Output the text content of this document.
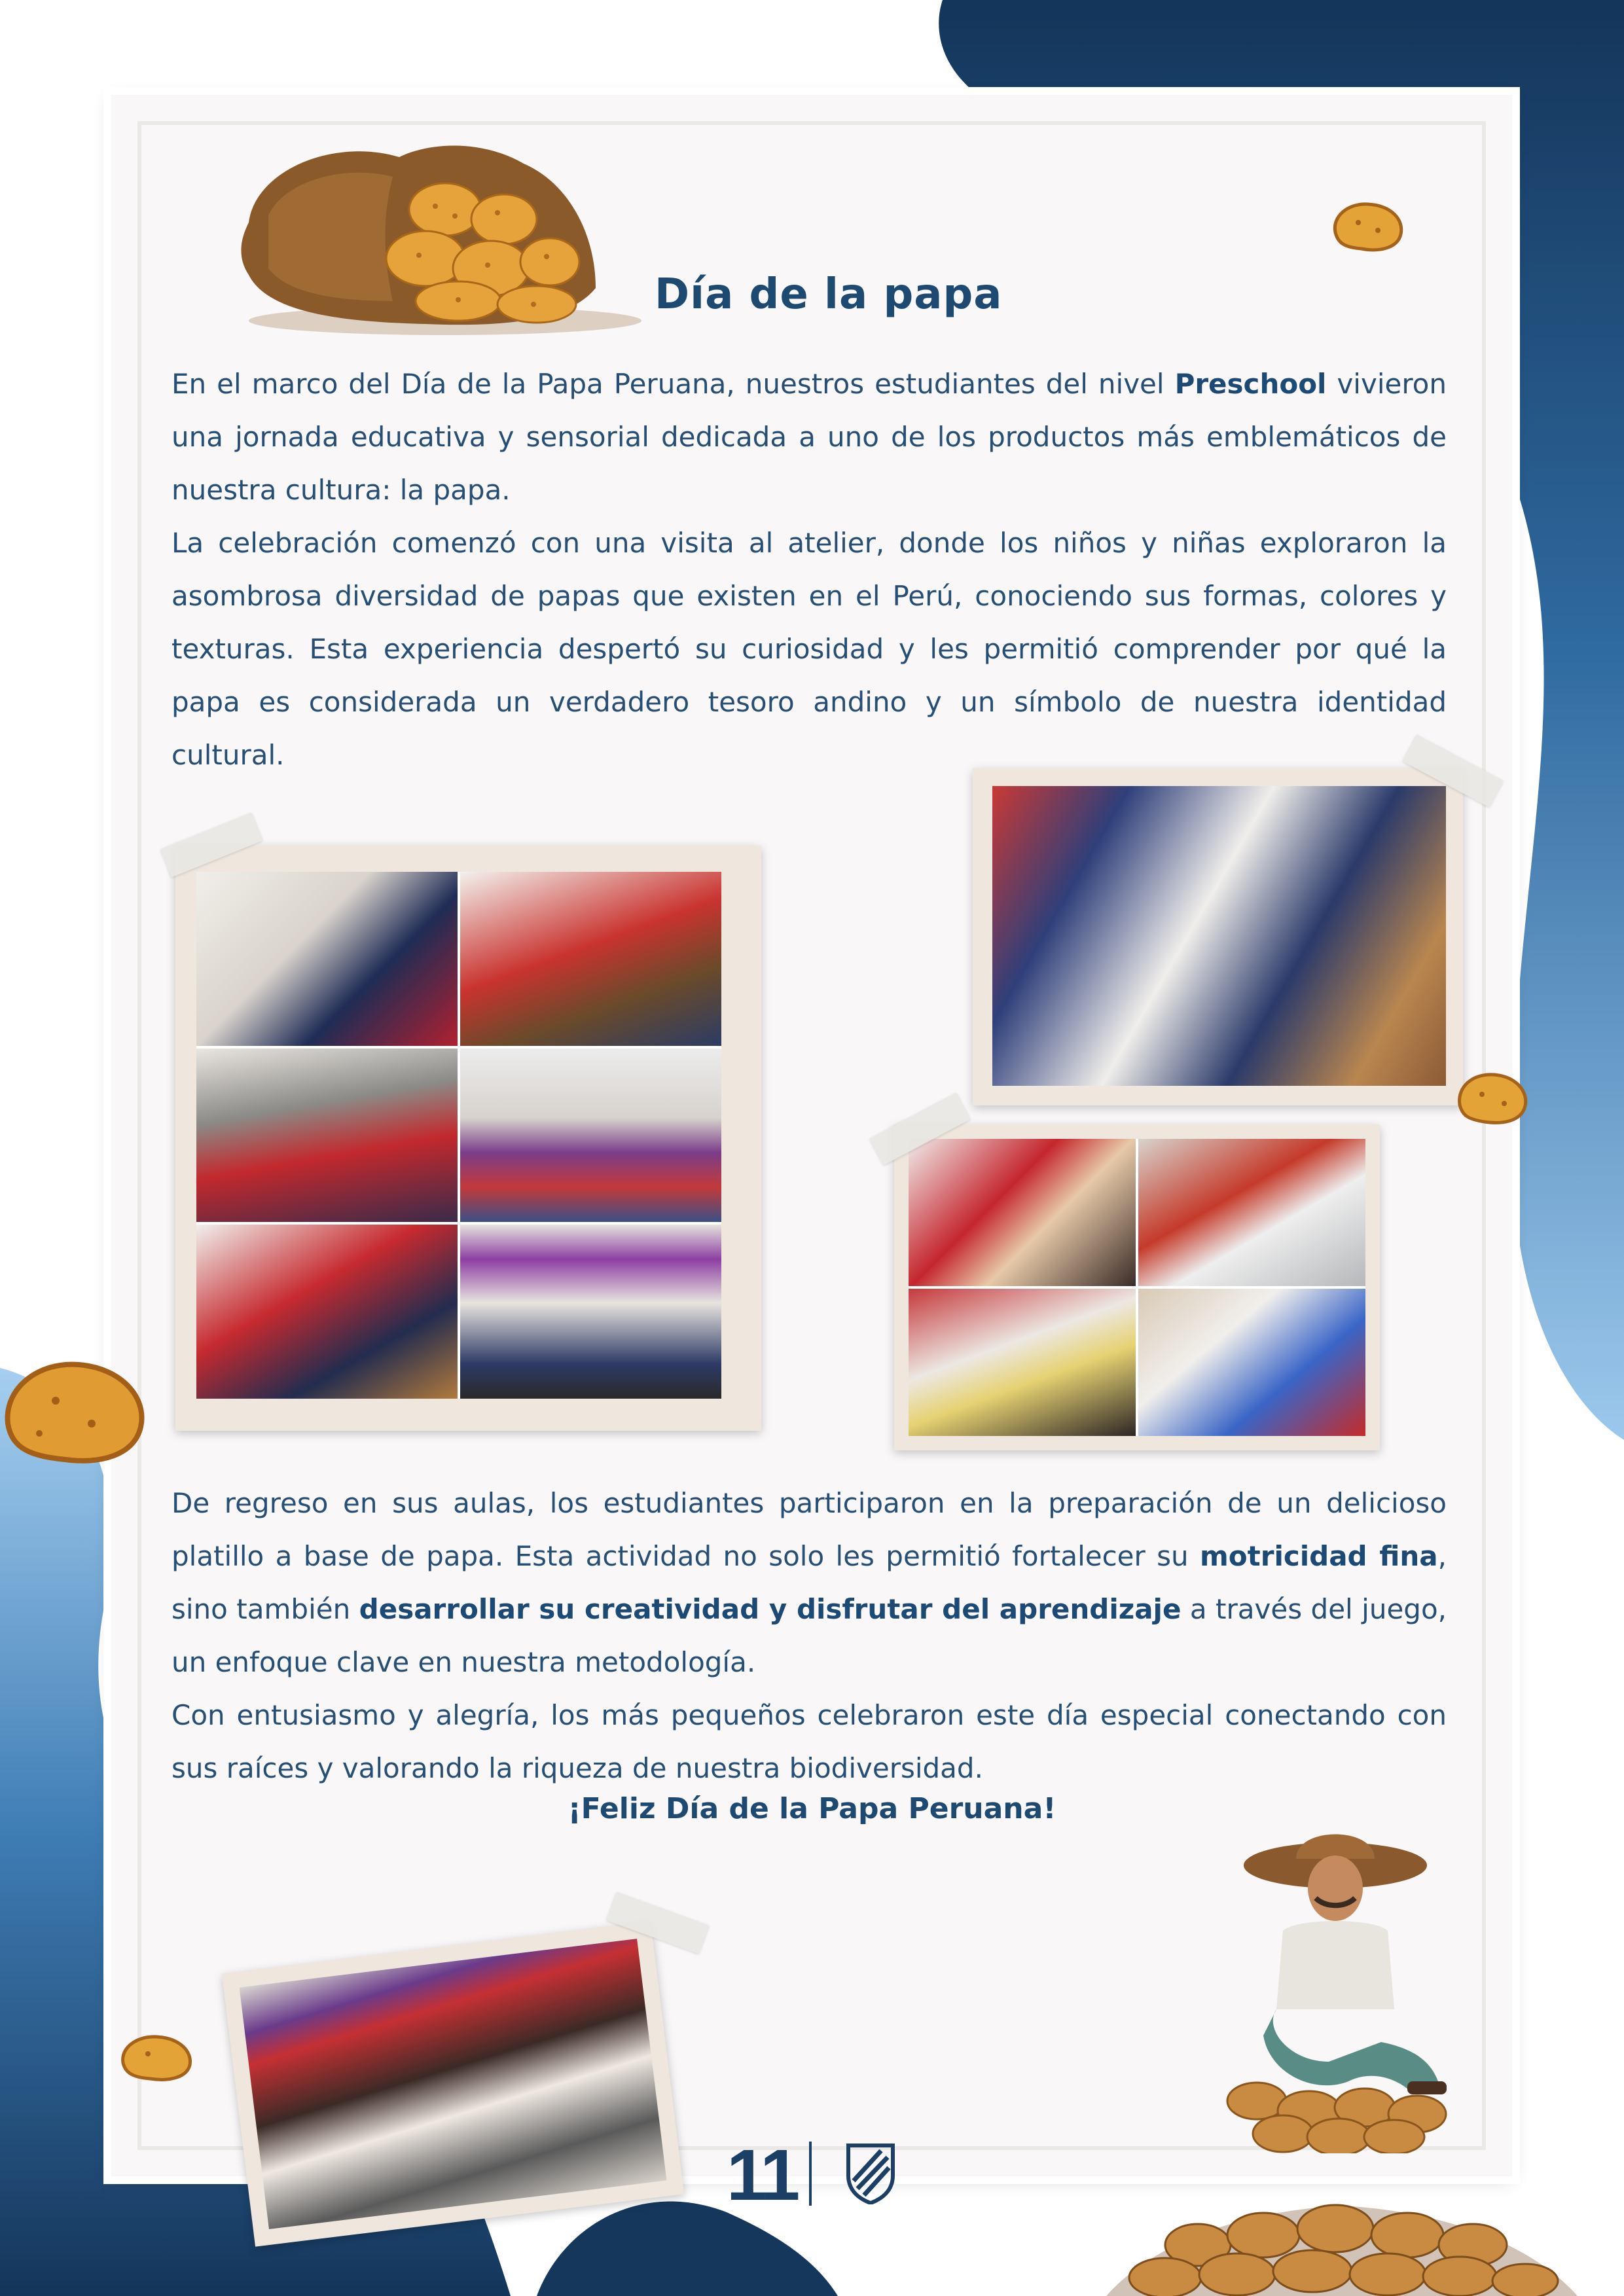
Día de la papa

En el marco del Día de la Papa Peruana, nuestros estudiantes del nivel Preschool vivieron una jornada educativa y sensorial dedicada a uno de los productos más emblemáticos de nuestra cultura: la papa.

La celebración comenzó con una visita al atelier, donde los niños y niñas exploraron la asombrosa diversidad de papas que existen en el Perú, conociendo sus formas, colores y texturas. Esta experiencia despertó su curiosidad y les permitió comprender por qué la papa es considerada un verdadero tesoro andino y un símbolo de nuestra identidad cultural.

De regreso en sus aulas, los estudiantes participaron en la preparación de un delicioso platillo a base de papa. Esta actividad no solo les permitió fortalecer su motricidad fina, sino también desarrollar su creatividad y disfrutar del aprendizaje a través del juego, un enfoque clave en nuestra metodología.

Con entusiasmo y alegría, los más pequeños celebraron este día especial conectando con sus raíces y valorando la riqueza de nuestra biodiversidad.

¡Feliz Día de la Papa Peruana!
11
